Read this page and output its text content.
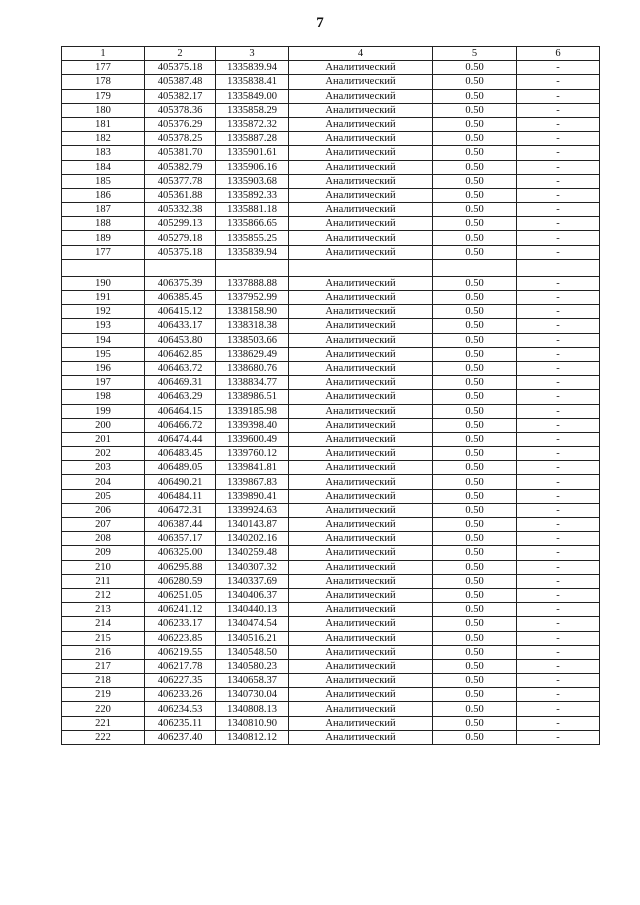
7
1	2	3	4	5	6
177	405375.18	1335839.94	Аналитический	0.50	-
178	405387.48	1335838.41	Аналитический	0.50	-
179	405382.17	1335849.00	Аналитический	0.50	-
180	405378.36	1335858.29	Аналитический	0.50	-
181	405376.29	1335872.32	Аналитический	0.50	-
182	405378.25	1335887.28	Аналитический	0.50	-
183	405381.70	1335901.61	Аналитический	0.50	-
184	405382.79	1335906.16	Аналитический	0.50	-
185	405377.78	1335903.68	Аналитический	0.50	-
186	405361.88	1335892.33	Аналитический	0.50	-
187	405332.38	1335881.18	Аналитический	0.50	-
188	405299.13	1335866.65	Аналитический	0.50	-
189	405279.18	1335855.25	Аналитический	0.50	-
177	405375.18	1335839.94	Аналитический	0.50	-

190	406375.39	1337888.88	Аналитический	0.50	-
191	406385.45	1337952.99	Аналитический	0.50	-
192	406415.12	1338158.90	Аналитический	0.50	-
193	406433.17	1338318.38	Аналитический	0.50	-
194	406453.80	1338503.66	Аналитический	0.50	-
195	406462.85	1338629.49	Аналитический	0.50	-
196	406463.72	1338680.76	Аналитический	0.50	-
197	406469.31	1338834.77	Аналитический	0.50	-
198	406463.29	1338986.51	Аналитический	0.50	-
199	406464.15	1339185.98	Аналитический	0.50	-
200	406466.72	1339398.40	Аналитический	0.50	-
201	406474.44	1339600.49	Аналитический	0.50	-
202	406483.45	1339760.12	Аналитический	0.50	-
203	406489.05	1339841.81	Аналитический	0.50	-
204	406490.21	1339867.83	Аналитический	0.50	-
205	406484.11	1339890.41	Аналитический	0.50	-
206	406472.31	1339924.63	Аналитический	0.50	-
207	406387.44	1340143.87	Аналитический	0.50	-
208	406357.17	1340202.16	Аналитический	0.50	-
209	406325.00	1340259.48	Аналитический	0.50	-
210	406295.88	1340307.32	Аналитический	0.50	-
211	406280.59	1340337.69	Аналитический	0.50	-
212	406251.05	1340406.37	Аналитический	0.50	-
213	406241.12	1340440.13	Аналитический	0.50	-
214	406233.17	1340474.54	Аналитический	0.50	-
215	406223.85	1340516.21	Аналитический	0.50	-
216	406219.55	1340548.50	Аналитический	0.50	-
217	406217.78	1340580.23	Аналитический	0.50	-
218	406227.35	1340658.37	Аналитический	0.50	-
219	406233.26	1340730.04	Аналитический	0.50	-
220	406234.53	1340808.13	Аналитический	0.50	-
221	406235.11	1340810.90	Аналитический	0.50	-
222	406237.40	1340812.12	Аналитический	0.50	-
